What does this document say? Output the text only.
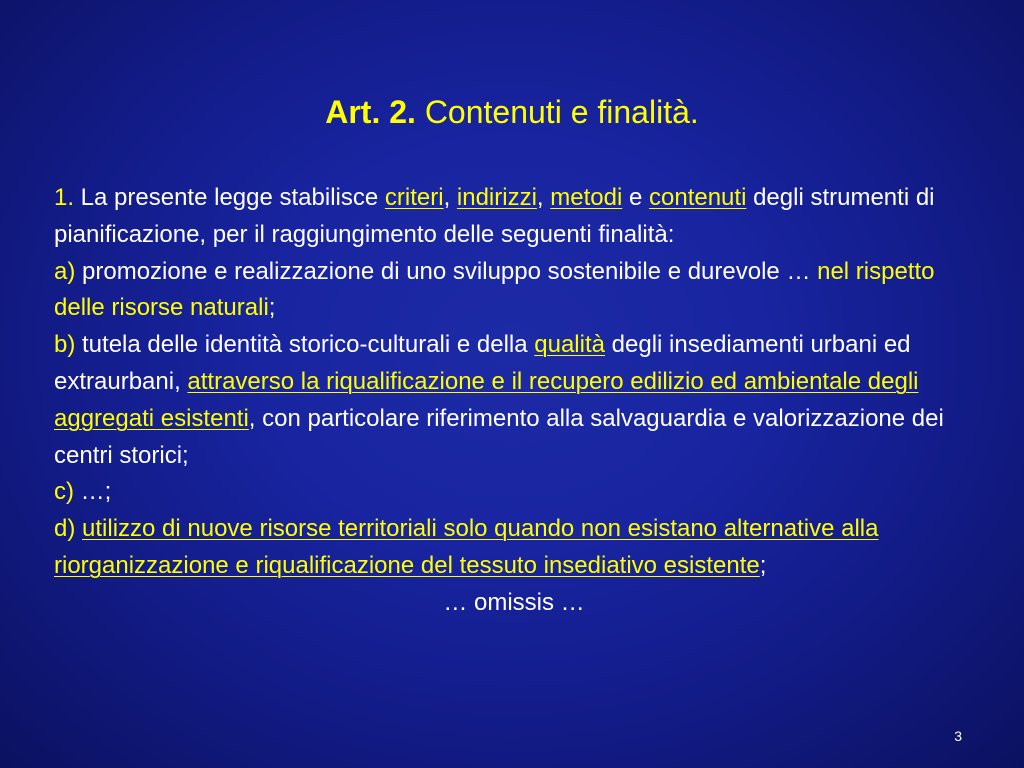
Art. 2. Contenuti e finalità.

1. La presente legge stabilisce criteri, indirizzi, metodi e contenuti degli strumenti di pianificazione, per il raggiungimento delle seguenti finalità:

a) promozione e realizzazione di uno sviluppo sostenibile e durevole … nel rispetto delle risorse naturali;

b) tutela delle identità storico-culturali e della qualità degli insediamenti urbani ed extraurbani, attraverso la riqualificazione e il recupero edilizio ed ambientale degli aggregati esistenti, con particolare riferimento alla salvaguardia e valorizzazione dei centri storici;

c) …;

d) utilizzo di nuove risorse territoriali solo quando non esistano alternative alla riorganizzazione e riqualificazione del tessuto insediativo esistente;

… omissis …

3
